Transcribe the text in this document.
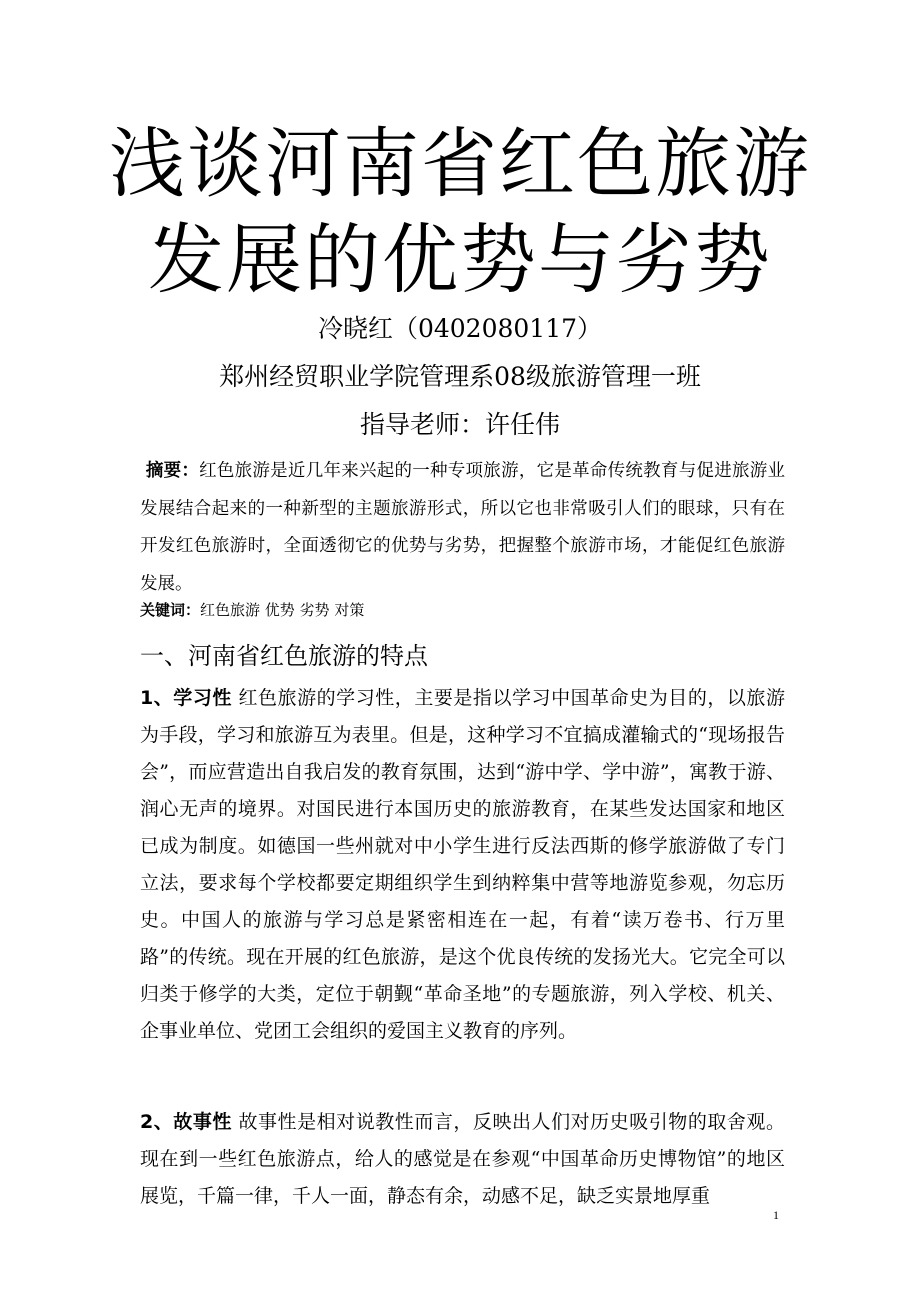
浅谈河南省红色旅游
发展的优势与劣势
冷晓红（0402080117）
郑州经贸职业学院管理系08级旅游管理一班
指导老师：许任伟
摘要：红色旅游是近几年来兴起的一种专项旅游，它是革命传统教育与促进旅游业发展结合起来的一种新型的主题旅游形式，所以它也非常吸引人们的眼球，只有在开发红色旅游时，全面透彻它的优势与劣势，把握整个旅游市场，才能促红色旅游发展。
关键词：红色旅游 优势 劣势 对策
一、河南省红色旅游的特点
1、学习性 红色旅游的学习性，主要是指以学习中国革命史为目的，以旅游为手段，学习和旅游互为表里。但是，这种学习不宜搞成灌输式的“现场报告会”，而应营造出自我启发的教育氛围，达到“游中学、学中游”，寓教于游、润心无声的境界。对国民进行本国历史的旅游教育，在某些发达国家和地区已成为制度。如德国一些州就对中小学生进行反法西斯的修学旅游做了专门立法，要求每个学校都要定期组织学生到纳粹集中营等地游览参观，勿忘历史。中国人的旅游与学习总是紧密相连在一起，有着“读万卷书、行万里路”的传统。现在开展的红色旅游，是这个优良传统的发扬光大。它完全可以归类于修学的大类，定位于朝觐“革命圣地”的专题旅游，列入学校、机关、企事业单位、党团工会组织的爱国主义教育的序列。
2、故事性 故事性是相对说教性而言，反映出人们对历史吸引物的取舍观。现在到一些红色旅游点，给人的感觉是在参观“中国革命历史博物馆”的地区展览，千篇一律，千人一面，静态有余，动感不足，缺乏实景地厚重
1
